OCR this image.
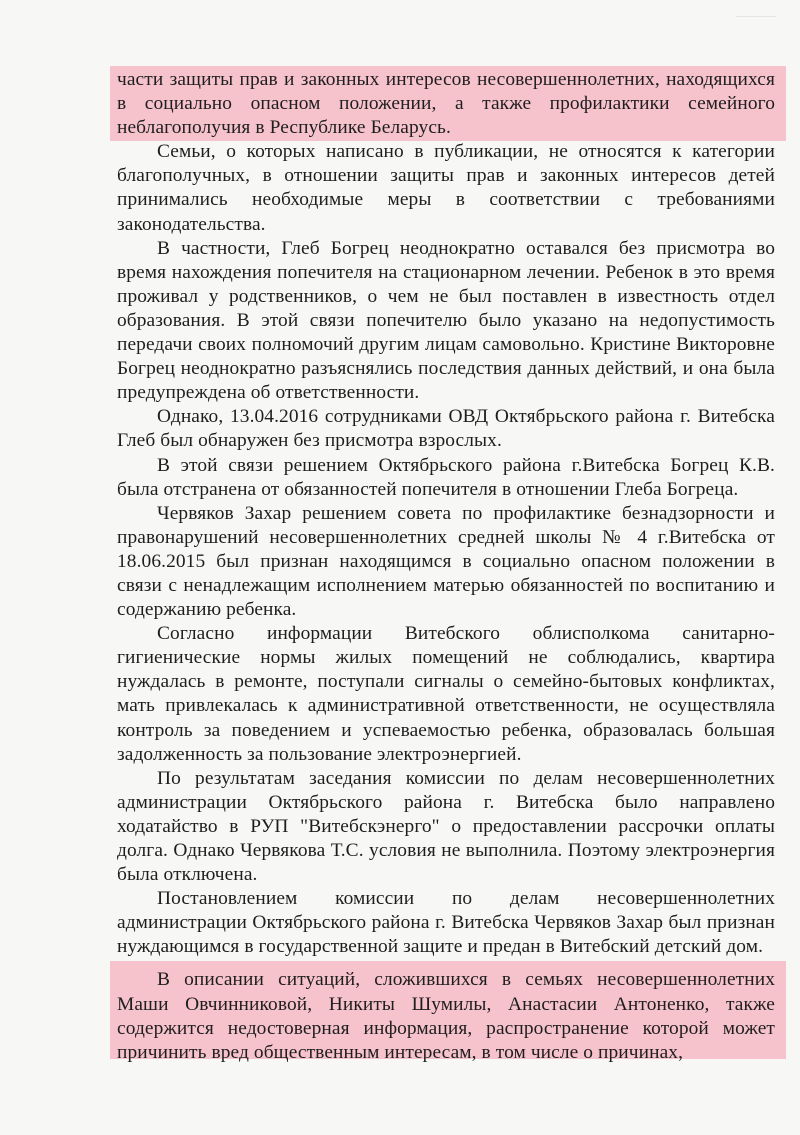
части защиты прав и законных интересов несовершеннолетних, находящихся в социально опасном положении, а также профилактики семейного неблагополучия в Республике Беларусь.

Семьи, о которых написано в публикации, не относятся к категории благополучных, в отношении защиты прав и законных интересов детей принимались необходимые меры в соответствии с требованиями законодательства.

В частности, Глеб Богрец неоднократно оставался без присмотра во время нахождения попечителя на стационарном лечении. Ребенок в это время проживал у родственников, о чем не был поставлен в известность отдел образования. В этой связи попечителю было указано на недопустимость передачи своих полномочий другим лицам самовольно. Кристине Викторовне Богрец неоднократно разъяснялись последствия данных действий, и она была предупреждена об ответственности.

Однако, 13.04.2016 сотрудниками ОВД Октябрьского района г. Витебска Глеб был обнаружен без присмотра взрослых.

В этой связи решением Октябрьского района г.Витебска Богрец К.В. была отстранена от обязанностей попечителя в отношении Глеба Богреца.

Червяков Захар решением совета по профилактике безнадзорности и правонарушений несовершеннолетних средней школы № 4 г.Витебска от 18.06.2015 был признан находящимся в социально опасном положении в связи с ненадлежащим исполнением матерью обязанностей по воспитанию и содержанию ребенка.

Согласно информации Витебского облисполкома санитарно-гигиенические нормы жилых помещений не соблюдались, квартира нуждалась в ремонте, поступали сигналы о семейно-бытовых конфликтах, мать привлекалась к административной ответственности, не осуществляла контроль за поведением и успеваемостью ребенка, образовалась большая задолженность за пользование электроэнергией.

По результатам заседания комиссии по делам несовершеннолетних администрации Октябрьского района г. Витебска было направлено ходатайство в РУП "Витебскэнерго" о предоставлении рассрочки оплаты долга. Однако Червякова Т.С. условия не выполнила. Поэтому электроэнергия была отключена.

Постановлением комиссии по делам несовершеннолетних администрации Октябрьского района г. Витебска Червяков Захар был признан нуждающимся в государственной защите и предан в Витебский детский дом.

В описании ситуаций, сложившихся в семьях несовершеннолетних Маши Овчинниковой, Никиты Шумилы, Анастасии Антоненко, также содержится недостоверная информация, распространение которой может причинить вред общественным интересам, в том числе о причинах,
